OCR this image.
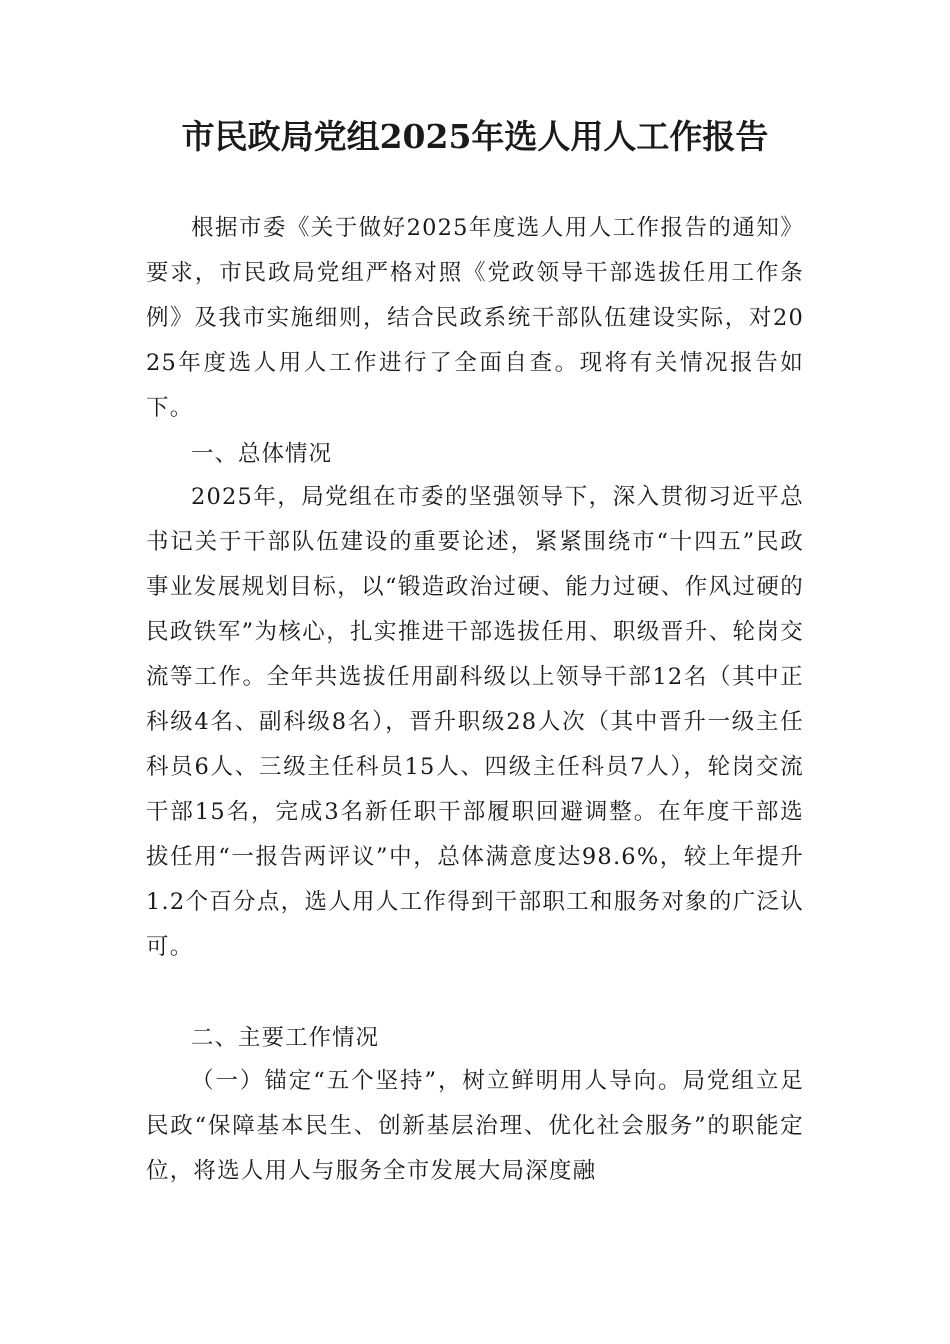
市民政局党组2025年选人用人工作报告

根据市委《关于做好2025年度选人用人工作报告的通知》要求，市民政局党组严格对照《党政领导干部选拔任用工作条例》及我市实施细则，结合民政系统干部队伍建设实际，对2025年度选人用人工作进行了全面自查。现将有关情况报告如下。

一、总体情况

2025年，局党组在市委的坚强领导下，深入贯彻习近平总书记关于干部队伍建设的重要论述，紧紧围绕市“十四五”民政事业发展规划目标，以“锻造政治过硬、能力过硬、作风过硬的民政铁军”为核心，扎实推进干部选拔任用、职级晋升、轮岗交流等工作。全年共选拔任用副科级以上领导干部12名（其中正科级4名、副科级8名），晋升职级28人次（其中晋升一级主任科员6人、三级主任科员15人、四级主任科员7人），轮岗交流干部15名，完成3名新任职干部履职回避调整。在年度干部选拔任用“一报告两评议”中，总体满意度达98.6%，较上年提升1.2个百分点，选人用人工作得到干部职工和服务对象的广泛认可。

二、主要工作情况

（一）锚定“五个坚持”，树立鲜明用人导向。局党组立足民政“保障基本民生、创新基层治理、优化社会服务”的职能定位，将选人用人与服务全市发展大局深度融
